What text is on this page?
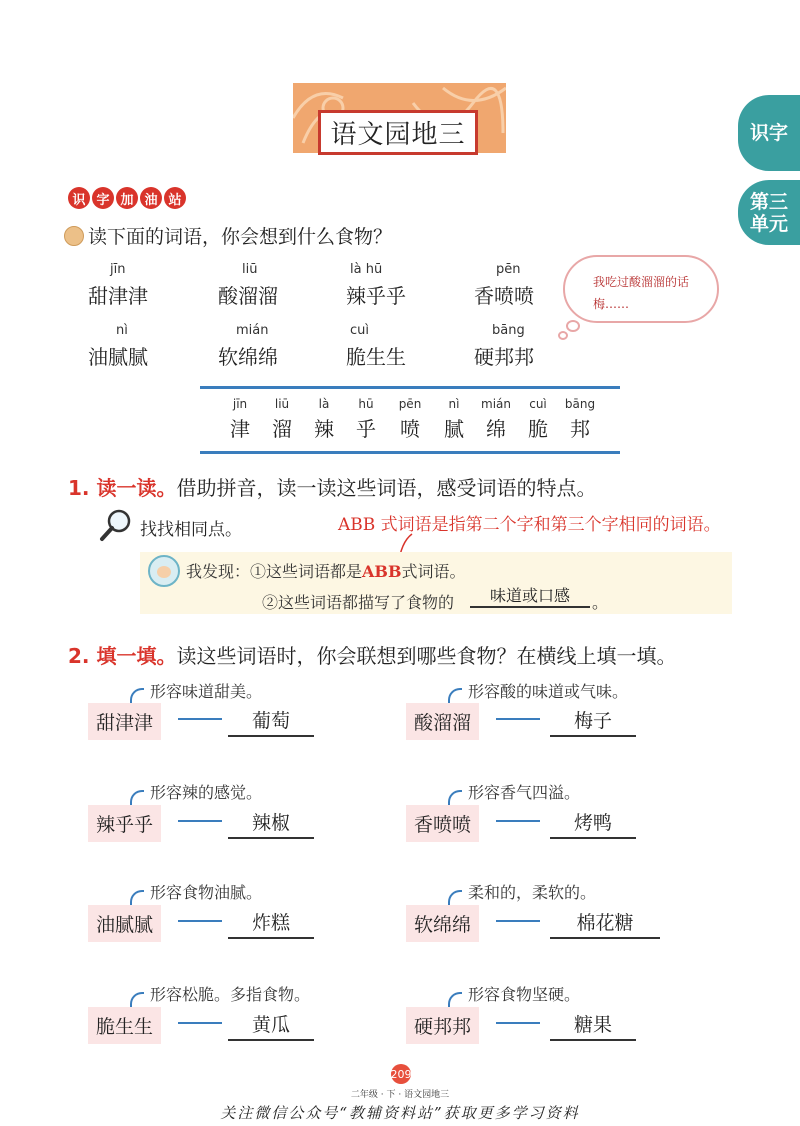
语文园地三	识字
第三
单元
识 字 加 油 站
读下面的词语，你会想到什么食物？
jīn
甜津津
liū
酸溜溜
là hū
辣乎乎
pēn
香喷喷
nì
油腻腻
mián
软绵绵
cuì
脆生生
bāng
硬邦邦
我吃过酸溜溜的话梅……
jīn
津
liū
溜
là
辣
hū
乎
pēn
喷
nì
腻
mián
绵
cuì
脆
bāng
邦
1. 读一读。借助拼音，读一读这些词语，感受词语的特点。
找找相同点。	ABB 式词语是指第二个字和第三个字相同的词语。
我发现：①这些词语都是ABB式词语。
②这些词语都描写了食物的	味道或口感	。
2. 填一填。读这些词语时，你会联想到哪些食物？在横线上填一填。
形容味道甜美。
甜津津	葡萄
形容酸的味道或气味。
酸溜溜	梅子
形容辣的感觉。
辣乎乎	辣椒
形容香气四溢。
香喷喷	烤鸭
形容食物油腻。
油腻腻	炸糕
柔和的，柔软的。
软绵绵	棉花糖
形容松脆。多指食物。
脆生生	黄瓜
形容食物坚硬。
硬邦邦	糖果
209
二年级 · 下 · 语文园地三
关注微信公众号“教辅资料站”获取更多学习资料
